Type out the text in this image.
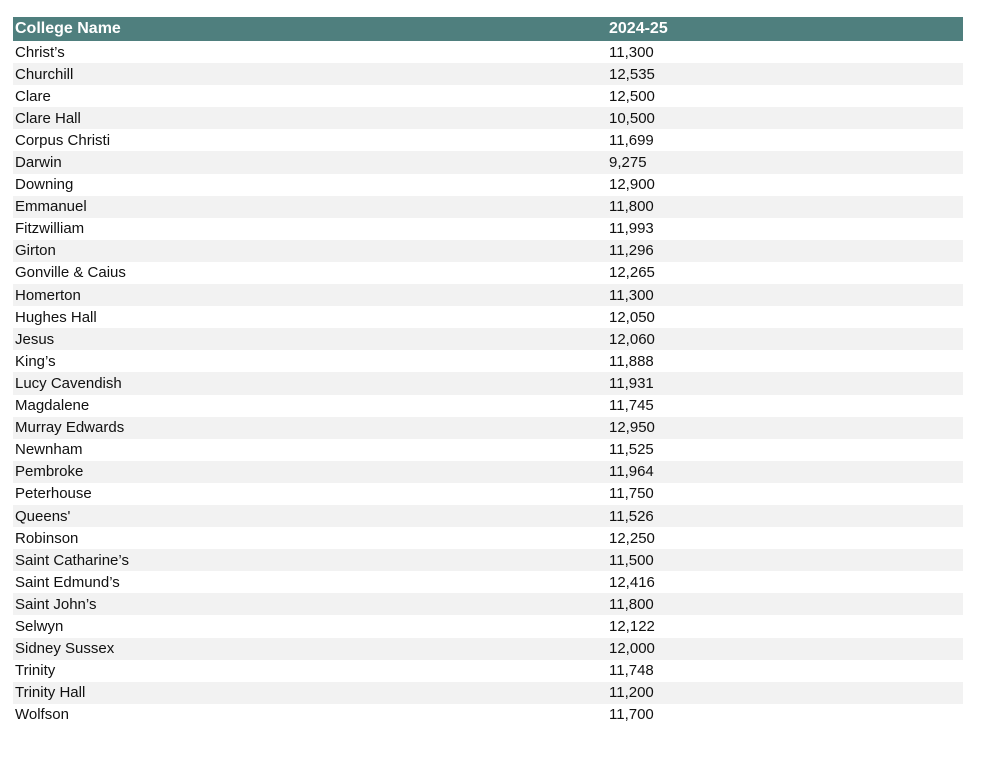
College Name	2024-25
Christ’s	11,300
Churchill	12,535
Clare	12,500
Clare Hall	10,500
Corpus Christi	11,699
Darwin	9,275
Downing	12,900
Emmanuel	11,800
Fitzwilliam	11,993
Girton	11,296
Gonville & Caius	12,265
Homerton	11,300
Hughes Hall	12,050
Jesus	12,060
King’s	11,888
Lucy Cavendish	11,931
Magdalene	11,745
Murray Edwards	12,950
Newnham	11,525
Pembroke	11,964
Peterhouse	11,750
Queens'	11,526
Robinson	12,250
Saint Catharine’s	11,500
Saint Edmund’s	12,416
Saint John’s	11,800
Selwyn	12,122
Sidney Sussex	12,000
Trinity	11,748
Trinity Hall	11,200
Wolfson	11,700
